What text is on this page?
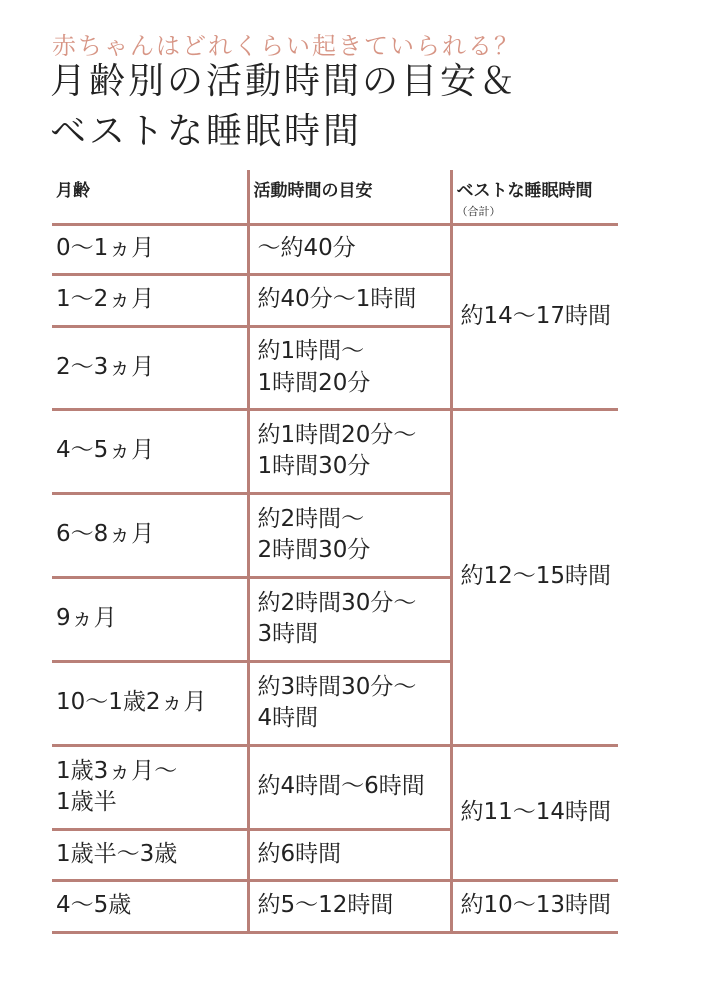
赤ちゃんはどれくらい起きていられる？
月齢別の活動時間の目安＆
ベストな睡眠時間
月齢	活動時間の目安	ベストな睡眠時間
（合計）

0〜1ヵ月	〜約40分	約14〜17時間
1〜2ヵ月	約40分〜1時間	
2〜3ヵ月	約1時間〜
1時間20分	
4〜5ヵ月	約1時間20分〜
1時間30分	約12〜15時間
6〜8ヵ月	約2時間〜
2時間30分	
9ヵ月	約2時間30分〜
3時間	
10〜1歳2ヵ月	約3時間30分〜
4時間	
1歳3ヵ月〜
1歳半	約4時間〜6時間	約11〜14時間
1歳半〜3歳	約6時間	
4〜5歳	約5〜12時間	約10〜13時間
